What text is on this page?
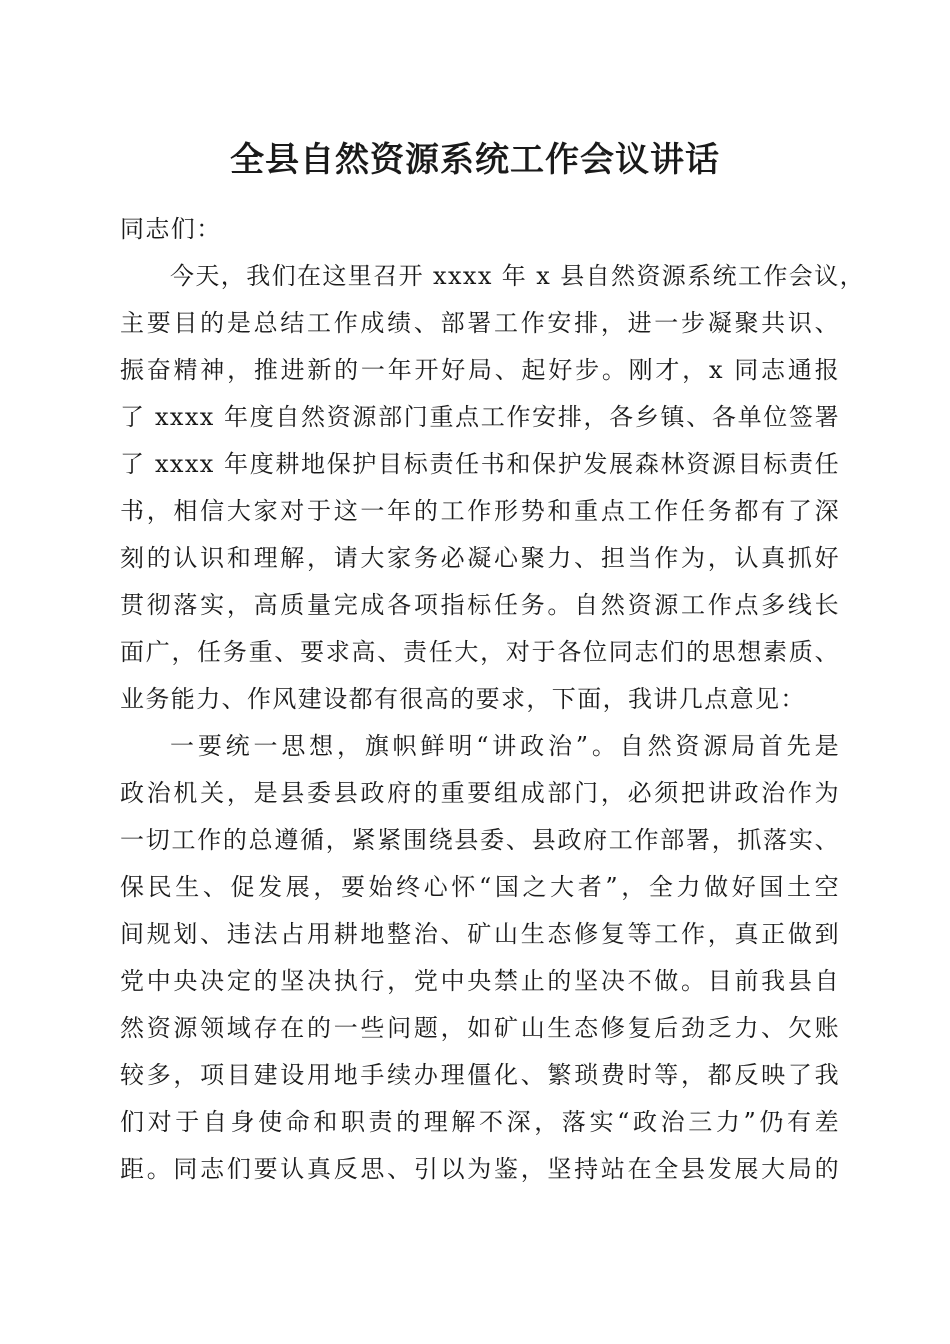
全县自然资源系统工作会议讲话
同志们：
今天，我们在这里召开 xxxx 年 x 县自然资源系统工作会议，
主要目的是总结工作成绩、部署工作安排，进一步凝聚共识、
振奋精神，推进新的一年开好局、起好步。刚才，x 同志通报
了 xxxx 年度自然资源部门重点工作安排，各乡镇、各单位签署
了 xxxx 年度耕地保护目标责任书和保护发展森林资源目标责任
书，相信大家对于这一年的工作形势和重点工作任务都有了深
刻的认识和理解，请大家务必凝心聚力、担当作为，认真抓好
贯彻落实，高质量完成各项指标任务。自然资源工作点多线长
面广，任务重、要求高、责任大，对于各位同志们的思想素质、
业务能力、作风建设都有很高的要求，下面，我讲几点意见：
一要统一思想，旗帜鲜明“讲政治”。自然资源局首先是
政治机关，是县委县政府的重要组成部门，必须把讲政治作为
一切工作的总遵循，紧紧围绕县委、县政府工作部署，抓落实、
保民生、促发展，要始终心怀“国之大者”，全力做好国土空
间规划、违法占用耕地整治、矿山生态修复等工作，真正做到
党中央决定的坚决执行，党中央禁止的坚决不做。目前我县自
然资源领域存在的一些问题，如矿山生态修复后劲乏力、欠账
较多，项目建设用地手续办理僵化、繁琐费时等，都反映了我
们对于自身使命和职责的理解不深，落实“政治三力”仍有差
距。同志们要认真反思、引以为鉴，坚持站在全县发展大局的
